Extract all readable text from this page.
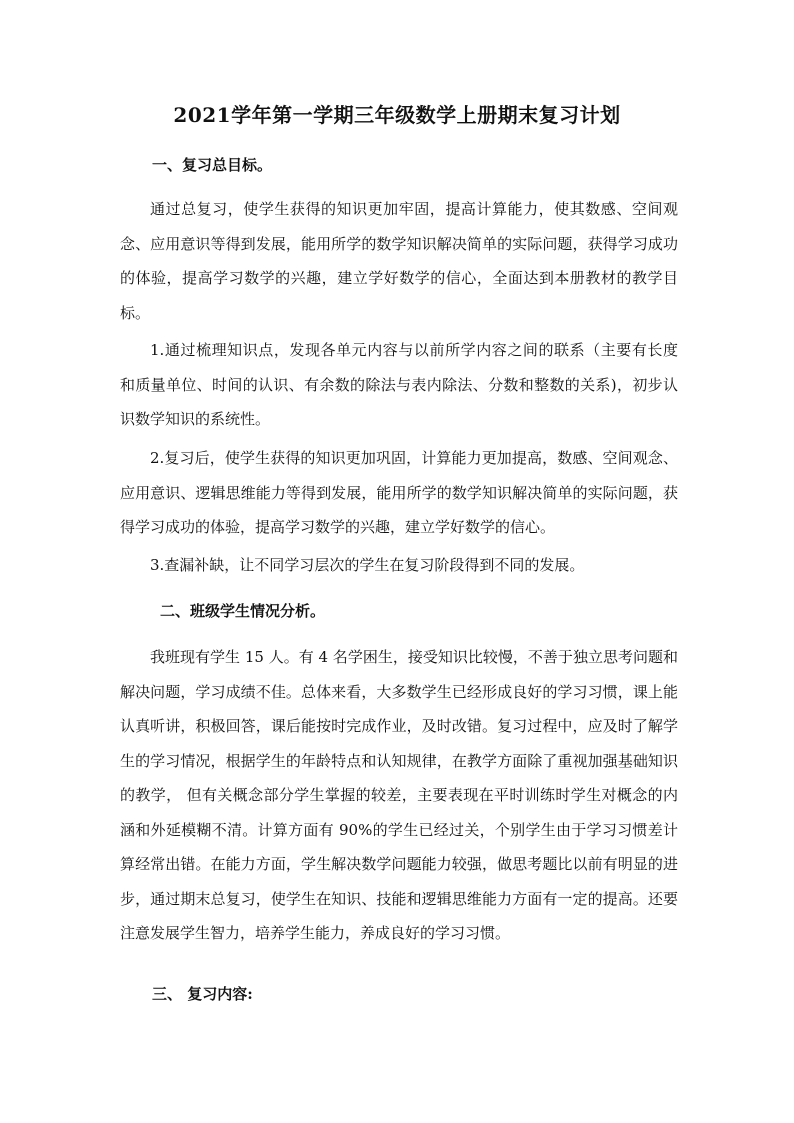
2021学年第一学期三年级数学上册期末复习计划
一、复习总目标。

通过总复习，使学生获得的知识更加牢固，提高计算能力，使其数感、空间观念、应用意识等得到发展，能用所学的数学知识解决简单的实际问题，获得学习成功的体验，提高学习数学的兴趣，建立学好数学的信心，全面达到本册教材的教学目标。

1.通过梳理知识点，发现各单元内容与以前所学内容之间的联系（主要有长度 和质量单位、时间的认识、有余数的除法与表内除法、分数和整数的关系)，初步认识数学知识的系统性。

2.复习后，使学生获得的知识更加巩固，计算能力更加提高，数感、空间观念、应用意识、逻辑思维能力等得到发展，能用所学的数学知识解决简单的实际问题，获得学习成功的体验，提高学习数学的兴趣，建立学好数学的信心。

3.查漏补缺，让不同学习层次的学生在复习阶段得到不同的发展。

二、班级学生情况分析。

我班现有学生 15 人。有 4 名学困生，接受知识比较慢，不善于独立思考问题和解决问题，学习成绩不佳。总体来看，大多数学生已经形成良好的学习习惯，课上能认真听讲，积极回答，课后能按时完成作业，及时改错。复习过程中，应及时了解学生的学习情况，根据学生的年龄特点和认知规律，在教学方面除了重视加强基础知识的教学， 但有关概念部分学生掌握的较差，主要表现在平时训练时学生对概念的内涵和外延模糊不清。计算方面有 90%的学生已经过关，个别学生由于学习习惯差计算经常出错。在能力方面，学生解决数学问题能力较强，做思考题比以前有明显的进步，通过期末总复习，使学生在知识、技能和逻辑思维能力方面有一定的提高。还要注意发展学生智力，培养学生能力，养成良好的学习习惯。

三、 复习内容:
